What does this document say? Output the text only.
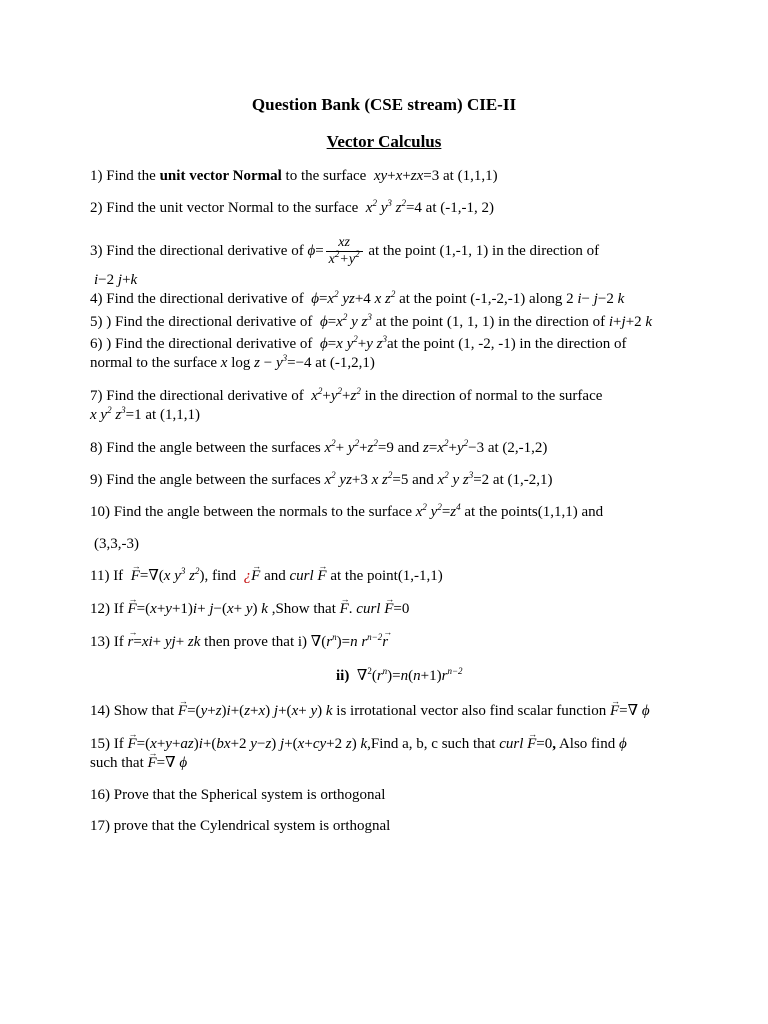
Question Bank (CSE stream) CIE-II
Vector Calculus
1) Find the unit vector Normal to the surface xy+x+zx=3 at (1,1,1)
2) Find the unit vector Normal to the surface $x^2$ $y^3$ $z^2=4$ at (-1,-1, 2)
3) Find the directional derivative of $\phi= \frac{xz}{x^2+y^2}$ at the point (1,-1, 1) in the direction of
i−2 j+k
4) Find the directional derivative of $\phi=x^2$ yz+4 x $z^2$ at the point (-1,-2,-1) along 2 i− j−2 k
5) ) Find the directional derivative of $\phi=x^2$ y $z^3$ at the point (1, 1, 1) in the direction of i+j+2 k
6) ) Find the directional derivative of ϕ=x $y^2+y$ $z^3at$ the point (1, -2, -1) in the direction of
normal to the surface x $\log z - y^3=-4$ at (-1,2,1)
7) Find the directional derivative of $x^2+y^2+z^2$ in the direction of normal to the surface
x $y^2$ $z^3=1$ at (1,1,1)
8) Find the angle between the surfaces $x^2+ y^2+z^2=9$ and $z=x^2+y^2-3$ at (2,-1,2)
9) Find the angle between the surfaces $x^2$ yz+3 x $z^2=5$ and $x^2$ y $z^3=2$ at (1,-2,1)
10) Find the angle between the normals to the surface $x^2$ $y^2=z^4$ at the points(1,1,1) and
(3,3,-3)
11) If  → F=∇(x $y^3$ $z^2$), find  ¿→ F and curl → F at the point(1,-1,1)
12) If → F=(x+y+1)i+ j−(x+ y) k ,Show that → F. curl → F=0
13) If → r=xi+ yj+ zk then prove that i) $\nabla(r^n)=n$ $r^{n-2}\to r$
ii)  $\nabla^2(r^n)=n(n+1)r^{n-2}$
14) Show that → F=(y+z)i+(z+x) j+(x+ y) k is irrotational vector also find scalar function → F=∇ ϕ
15) If → F=(x+y+az)i+(bx+2 y−z) j+(x+cy+2 z) k,Find a, b, c such that curl → F=0, Also find ϕ
such that → F=∇ ϕ
16) Prove that the Spherical system is orthogonal
17) prove that the Cylendrical system is orthognal
